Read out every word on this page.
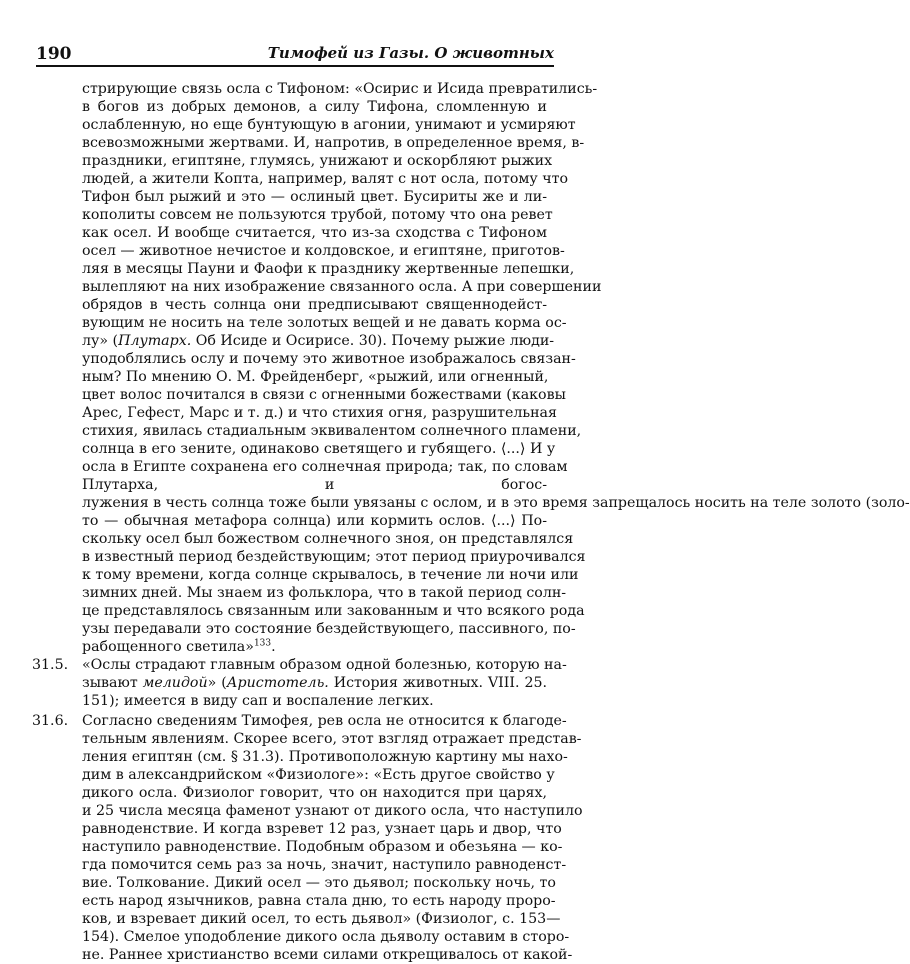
190	Тимофей из Газы. О животных
стрирующие связь осла с Тифоном: «Осирис и Исида превратились-
в богов из добрых демонов, а силу Тифона, сломленную и
ослабленную, но еще бунтующую в агонии, унимают и усмиряют
всевозможными жертвами. И, напротив, в определенное время, в-
праздники, египтяне, глумясь, унижают и оскорбляют рыжих
людей, а жители Копта, например, валят с нот осла, потому что
Тифон был рыжий и это — ослиный цвет. Бусириты же и ли-
кополиты совсем не пользуются трубой, потому что она ревет
как осел. И вообще считается, что из-за сходства с Тифоном
осел — животное нечистое и колдовское, и египтяне, приготов-
ляя в месяцы Пауни и Фаофи к празднику жертвенные лепешки,
вылепляют на них изображение связанного осла. А при совершении
обрядов в честь солнца они предписывают священнодейст-
вующим не носить на теле золотых вещей и не давать корма ос-
лу» (Плутарх. Об Исиде и Осирисе. 30). Почему рыжие люди-
уподоблялись ослу и почему это животное изображалось связан-
ным? По мнению О. М. Фрейденберг, «рыжий, или огненный,
цвет волос почитался в связи с огненными божествами (каковы
Арес, Гефест, Марс и т. д.) и что стихия огня, разрушительная
стихия, явилась стадиальным эквивалентом солнечного пламени,
солнца в его зените, одинаково светящего и губящего. ⟨...⟩ И у
осла в Египте сохранена его солнечная природа; так, по словам
Плутарха, и богос-
лужения в честь солнца тоже были увязаны с ослом, и в это время запрещалось носить на теле золото (золо-
то — обычная метафора солнца) или кормить ослов. ⟨...⟩ По-
скольку осел был божеством солнечного зноя, он представлялся
в известный период бездействующим; этот период приурочивался
к тому времени, когда солнце скрывалось, в течение ли ночи или
зимних дней. Мы знаем из фольклора, что в такой период солн-
це представлялось связанным или закованным и что всякого рода
узы передавали это состояние бездействующего, пассивного, по-
рабощенного светила»$^{133}$.
31.5. «Ослы страдают главным образом одной болезнью, которую на-
зывают мелидой» (Аристотель. История животных. VIII. 25.
151); имеется в виду сап и воспаление легких.
31.6. Согласно сведениям Тимофея, рев осла не относится к благоде-
тельным явлениям. Скорее всего, этот взгляд отражает представ-
ления египтян (см. § 31.3). Противоположную картину мы нахо-
дим в александрийском «Физиологе»: «Есть другое свойство у
дикого осла. Физиолог говорит, что он находится при царях,
и 25 числа месяца фаменот узнают от дикого осла, что наступило
равноденствие. И когда взревет 12 раз, узнает царь и двор, что
наступило равноденствие. Подобным образом и обезьяна — ко-
гда помочится семь раз за ночь, значит, наступило равноденст-
вие. Толкование. Дикий осел — это дьявол; поскольку ночь, то
есть народ язычников, равна стала дню, то есть народу проро-
ков, и взревает дикий осел, то есть дьявол» (Физиолог, с. 153—
154). Смелое уподобление дикого осла дьяволу оставим в сторо-
не. Раннее христианство всеми силами открещивалось от какой-
